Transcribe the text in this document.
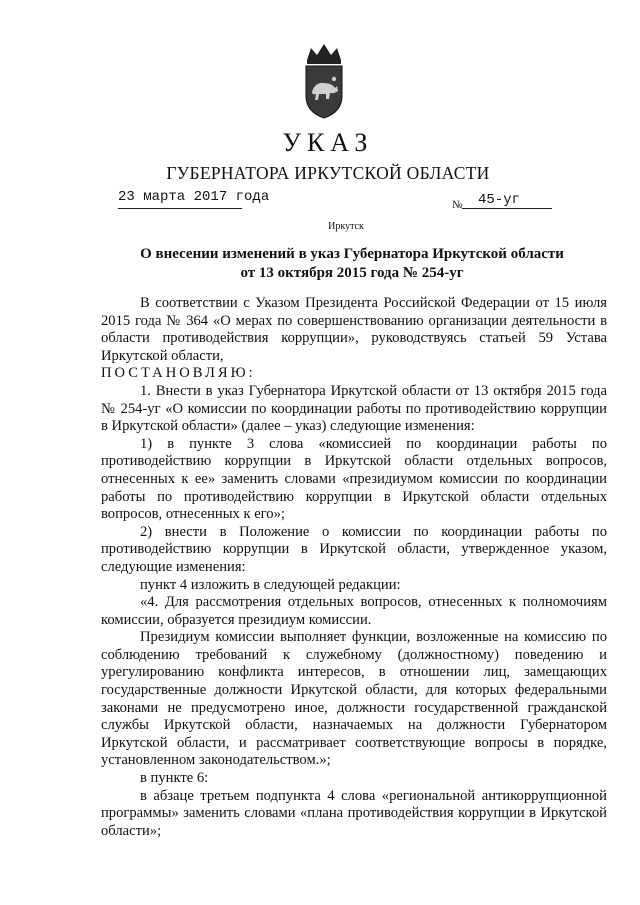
УКАЗ
ГУБЕРНАТОРА ИРКУТСКОЙ ОБЛАСТИ
23 марта 2017 года	№ 45-уг
Иркутск
О внесении изменений в указ Губернатора Иркутской области
от 13 октября 2015 года № 254-уг

В соответствии с Указом Президента Российской Федерации от 15 июля 2015 года № 364 «О мерах по совершенствованию организации деятельности в области противодействия коррупции», руководствуясь статьей 59 Устава Иркутской области,

ПОСТАНОВЛЯЮ:

1. Внести в указ Губернатора Иркутской области от 13 октября 2015 года № 254-уг «О комиссии по координации работы по противодействию коррупции в Иркутской области» (далее – указ) следующие изменения:

1) в пункте 3 слова «комиссией по координации работы по противодействию коррупции в Иркутской области отдельных вопросов, отнесенных к ее» заменить словами «президиумом комиссии по координации работы по противодействию коррупции в Иркутской области отдельных вопросов, отнесенных к его»;

2) внести в Положение о комиссии по координации работы по противодействию коррупции в Иркутской области, утвержденное указом, следующие изменения:

пункт 4 изложить в следующей редакции:

«4. Для рассмотрения отдельных вопросов, отнесенных к полномочиям комиссии, образуется президиум комиссии.

Президиум комиссии выполняет функции, возложенные на комиссию по соблюдению требований к служебному (должностному) поведению и урегулированию конфликта интересов, в отношении лиц, замещающих государственные должности Иркутской области, для которых федеральными законами не предусмотрено иное, должности государственной гражданской службы Иркутской области, назначаемых на должности Губернатором Иркутской области, и рассматривает соответствующие вопросы в порядке, установленном законодательством.»;

в пункте 6:

в абзаце третьем подпункта 4 слова «региональной антикоррупционной программы» заменить словами «плана противодействия коррупции в Иркутской области»;
